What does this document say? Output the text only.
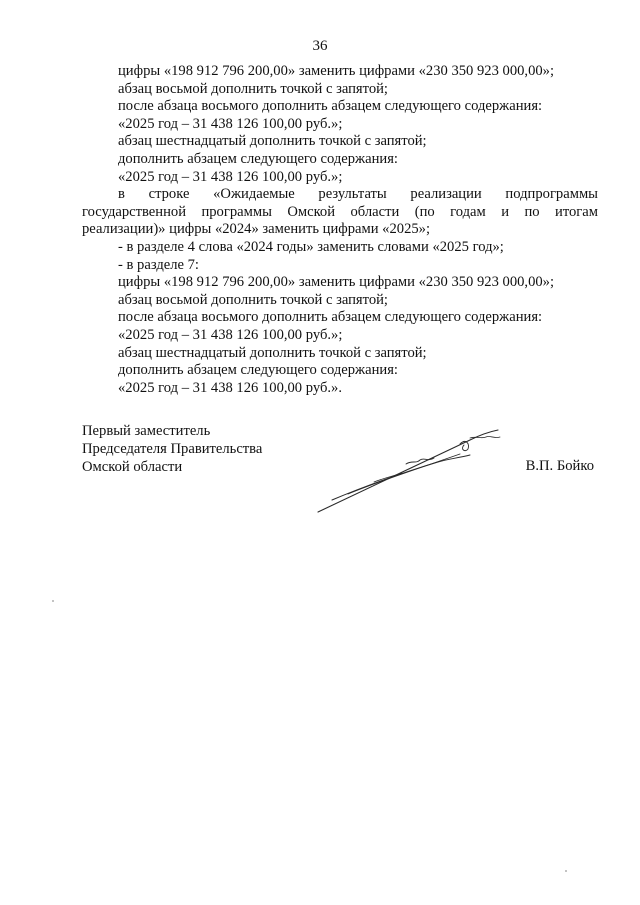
36

цифры «198 912 796 200,00» заменить цифрами «230 350 923 000,00»;

абзац восьмой дополнить точкой с запятой;

после абзаца восьмого дополнить абзацем следующего содержания:

«2025 год – 31 438 126 100,00 руб.»;

абзац шестнадцатый дополнить точкой с запятой;

дополнить абзацем следующего содержания:

«2025 год – 31 438 126 100,00 руб.»;

в строке «Ожидаемые результаты реализации подпрограммы

государственной программы Омской области (по годам и по итогам

реализации)» цифры «2024» заменить цифрами «2025»;

- в разделе 4 слова «2024 годы» заменить словами «2025 год»;

- в разделе 7:

цифры «198 912 796 200,00» заменить цифрами «230 350 923 000,00»;

абзац восьмой дополнить точкой с запятой;

после абзаца восьмого дополнить абзацем следующего содержания:

«2025 год – 31 438 126 100,00 руб.»;

абзац шестнадцатый дополнить точкой с запятой;

дополнить абзацем следующего содержания:

«2025 год – 31 438 126 100,00 руб.».

Первый заместитель

Председателя Правительства

Омской области	В.П. Бойко
